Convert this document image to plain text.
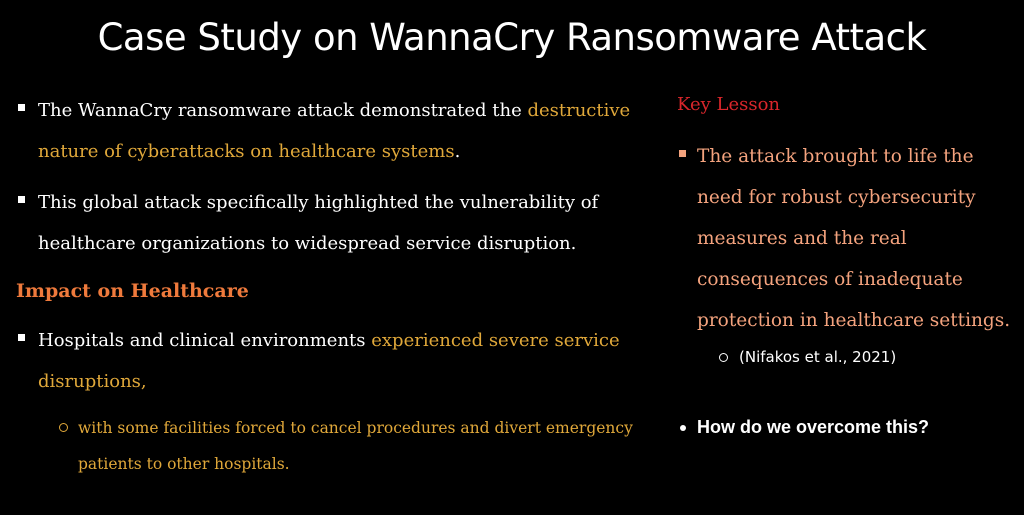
Case Study on WannaCry Ransomware Attack
The WannaCry ransomware attack demonstrated the destructive nature of cyberattacks on healthcare systems.
This global attack specifically highlighted the vulnerability of healthcare organizations to widespread service disruption.
Impact on Healthcare
Hospitals and clinical environments experienced severe service disruptions,
with some facilities forced to cancel procedures and divert emergency patients to other hospitals.
Key Lesson
The attack brought to life the need for robust cybersecurity measures and the real consequences of inadequate protection in healthcare settings.
(Nifakos et al., 2021)
How do we overcome this?
